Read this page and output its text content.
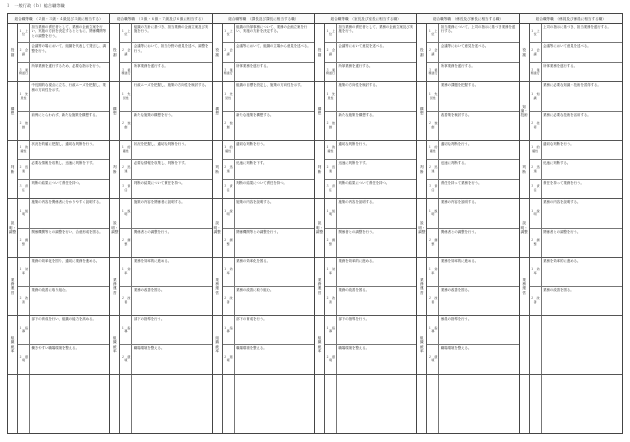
１　一般行政（ｂ）総合職等職
総合職等職　（２級・３級・４級及び３級に相当する）
役割
１　上位
担当業務の責任者として、業務の企画立案を行い、実施の方針を決定するとともに、関係機関等との調整を行う。
２　会議
会議等の場において、組織を代表して発言し、調整を行う。
３　業務遂行
所掌業務を遂行するため、必要な指示を行う。
構想
１　先見性
中長期的な視点に立ち、行政ニーズを把握し、業務の方向性を示す。
２　独創
前例にとらわれず、新たな施策を構想する。
判断
１　的確性
状況を的確に把握し、適切な判断を行う。
２　迅速
必要な情報を収集し、迅速に判断を下す。
３　責任
判断の結果について責任を持つ。
説明・調整
１　説明
施策の内容を関係者に分かりやすく説明する。
２　調整
関係機関等との調整を行い、合意形成を図る。
業務運営
１　効率
業務の効率化を図り、適切に業務を進める。
２　改善
業務の改善に取り組む。
組織統率
１　指導
部下の育成を行い、組織の能力を高める。
２　環境
働きやすい職場環境を整える。
総合職等職　（５級・６級・７級及び６級に相当する）
役割
１　上位
組織の方針に基づき、担当業務の企画立案及び実施を行う。
２　会議
会議等において、担当分野の意見を述べ、調整を行う。
３　業務遂行
所掌業務を遂行する。
構想
１　先見性
行政ニーズを把握し、施策の方向性を検討する。
２　独創
新たな施策の構想を行う。
判断
１　的確性
状況を把握し、適切な判断を行う。
２　迅速
必要な情報を収集し、判断を下す。
３　責任
判断の結果について責任を持つ。
説明・調整
１　説明
施策の内容を関係者に説明する。
２　調整
関係者との調整を行う。
業務運営
１　効率
業務を効率的に進める。
２　改善
業務の改善を図る。
組織統率
１　指導
部下の指導を行う。
２　環境
職場環境を整える。
総合職等職　（課長及び課長に相当する職）
役割
１　上位
組織の所掌事務について、業務の企画立案を行い、実施の方針を決定する。
２　会議
会議等において、組織の立場から意見を述べる。
３　業務遂行
所掌業務を遂行する。
構想
１　先見性
組織の目標を設定し、施策の方向性を示す。
２　独創
新たな施策を構想する。
判断
１　的確性
適切な判断を行う。
２　迅速
迅速に判断を下す。
３　責任
判断の結果について責任を持つ。
説明・調整
１　説明
施策の内容を説明する。
２　調整
関係機関等との調整を行う。
業務運営
１　効率
業務の効率化を図る。
２　改善
業務の改善に取り組む。
組織統率
１　指導
部下の育成を行う。
２　環境
職場環境を整える。
総合職等職　（室長及び室長に相当する職）
役割
１　上位
担当業務の責任者として、業務の企画立案及び実施を行う。
２　会議
会議等において意見を述べる。
３　業務遂行
所掌業務を遂行する。
構想
１　先見性
施策の方向性を検討する。
２　独創
新たな施策を構想する。
判断
１　的確性
適切な判断を行う。
２　迅速
迅速に判断を下す。
３　責任
判断の結果について責任を持つ。
説明・調整
１　説明
施策の内容を説明する。
２　調整
関係者との調整を行う。
業務運営
１　効率
業務を効率的に進める。
２　改善
業務の改善を図る。
組織統率
１　指導
部下の指導を行う。
２　環境
職場環境を整える。
総合職等職　（係長及び係長に相当する職）
役割
１　上位
担当業務について、上司の指示に基づき業務を遂行する。
２　会議
会議等において意見を述べる。
３　業務遂行
所掌業務を遂行する。
構想
１　先見性
業務の課題を把握する。
２　独創
改善策を検討する。
判断
１　的確性
適切な判断を行う。
２　迅速
迅速に判断する。
３　責任
責任を持って業務を行う。
説明・調整
１　説明
業務の内容を説明する。
２　調整
関係者との調整を行う。
業務運営
１　効率
業務を効率的に進める。
２　改善
業務の改善を図る。
組織統率
１　指導
係員の指導を行う。
２　環境
職場環境を整える。
総合職等職　（係員及び係員に相当する職）
役割
１　上位
上司の指示に基づき、担当業務を遂行する。
２　会議
会議等において意見を述べる。
３　業務遂行
所掌業務を遂行する。
知識・技術
１　知識
業務に必要な知識・技術を習得する。
２　技術
業務に必要な技術を活用する。
判断
１　的確性
適切な判断を行う。
２　迅速
迅速に判断する。
３　責任
責任を持って業務を行う。
説明・調整
１　説明
業務の内容を説明する。
２　調整
関係者との調整を行う。
業務運営
１　効率
業務を効率的に進める。
２　改善
業務の改善を図る。
